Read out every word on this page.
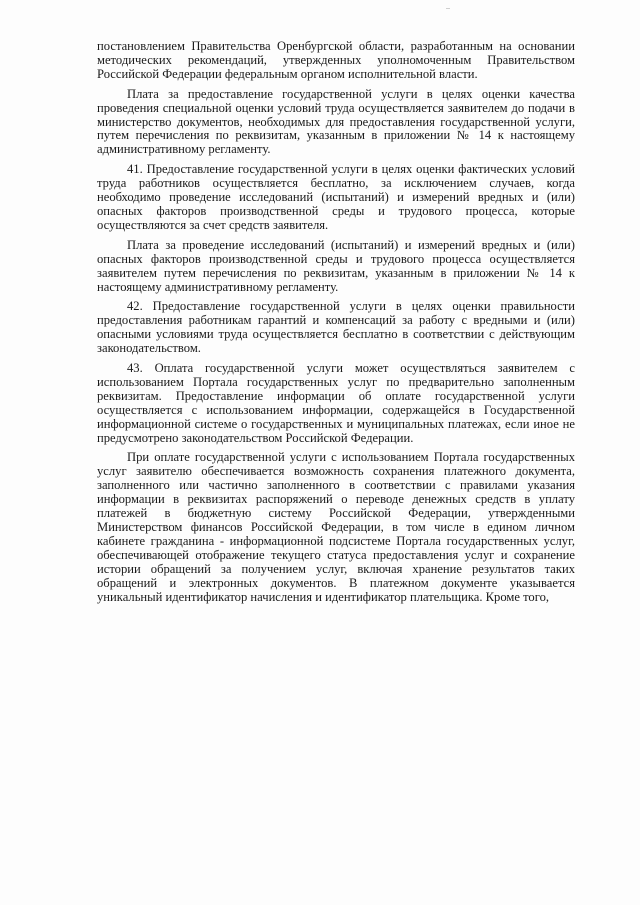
постановлением Правительства Оренбургской области, разработанным на основании методических рекомендаций, утвержденных уполномоченным Правительством Российской Федерации федеральным органом исполнительной власти.

Плата за предоставление государственной услуги в целях оценки качества проведения специальной оценки условий труда осуществляется заявителем до подачи в министерство документов, необходимых для предоставления государственной услуги, путем перечисления по реквизитам, указанным в приложении № 14 к настоящему административному регламенту.

41. Предоставление государственной услуги в целях оценки фактических условий труда работников осуществляется бесплатно, за исключением случаев, когда необходимо проведение исследований (испытаний) и измерений вредных и (или) опасных факторов производственной среды и трудового процесса, которые осуществляются за счет средств заявителя.

Плата за проведение исследований (испытаний) и измерений вредных и (или) опасных факторов производственной среды и трудового процесса осуществляется заявителем путем перечисления по реквизитам, указанным в приложении № 14 к настоящему административному регламенту.

42. Предоставление государственной услуги в целях оценки правильности предоставления работникам гарантий и компенсаций за работу с вредными и (или) опасными условиями труда осуществляется бесплатно в соответствии с действующим законодательством.

43. Оплата государственной услуги может осуществляться заявителем с использованием Портала государственных услуг по предварительно заполненным реквизитам. Предоставление информации об оплате государственной услуги осуществляется с использованием информации, содержащейся в Государственной информационной системе о государственных и муниципальных платежах, если иное не предусмотрено законодательством Российской Федерации.

При оплате государственной услуги с использованием Портала государственных услуг заявителю обеспечивается возможность сохранения платежного документа, заполненного или частично заполненного в соответствии с правилами указания информации в реквизитах распоряжений о переводе денежных средств в уплату платежей в бюджетную систему Российской Федерации, утвержденными Министерством финансов Российской Федерации, в том числе в едином личном кабинете гражданина - информационной подсистеме Портала государственных услуг, обеспечивающей отображение текущего статуса предоставления услуг и сохранение истории обращений за получением услуг, включая хранение результатов таких обращений и электронных документов. В платежном документе указывается уникальный идентификатор начисления и идентификатор плательщика. Кроме того,
